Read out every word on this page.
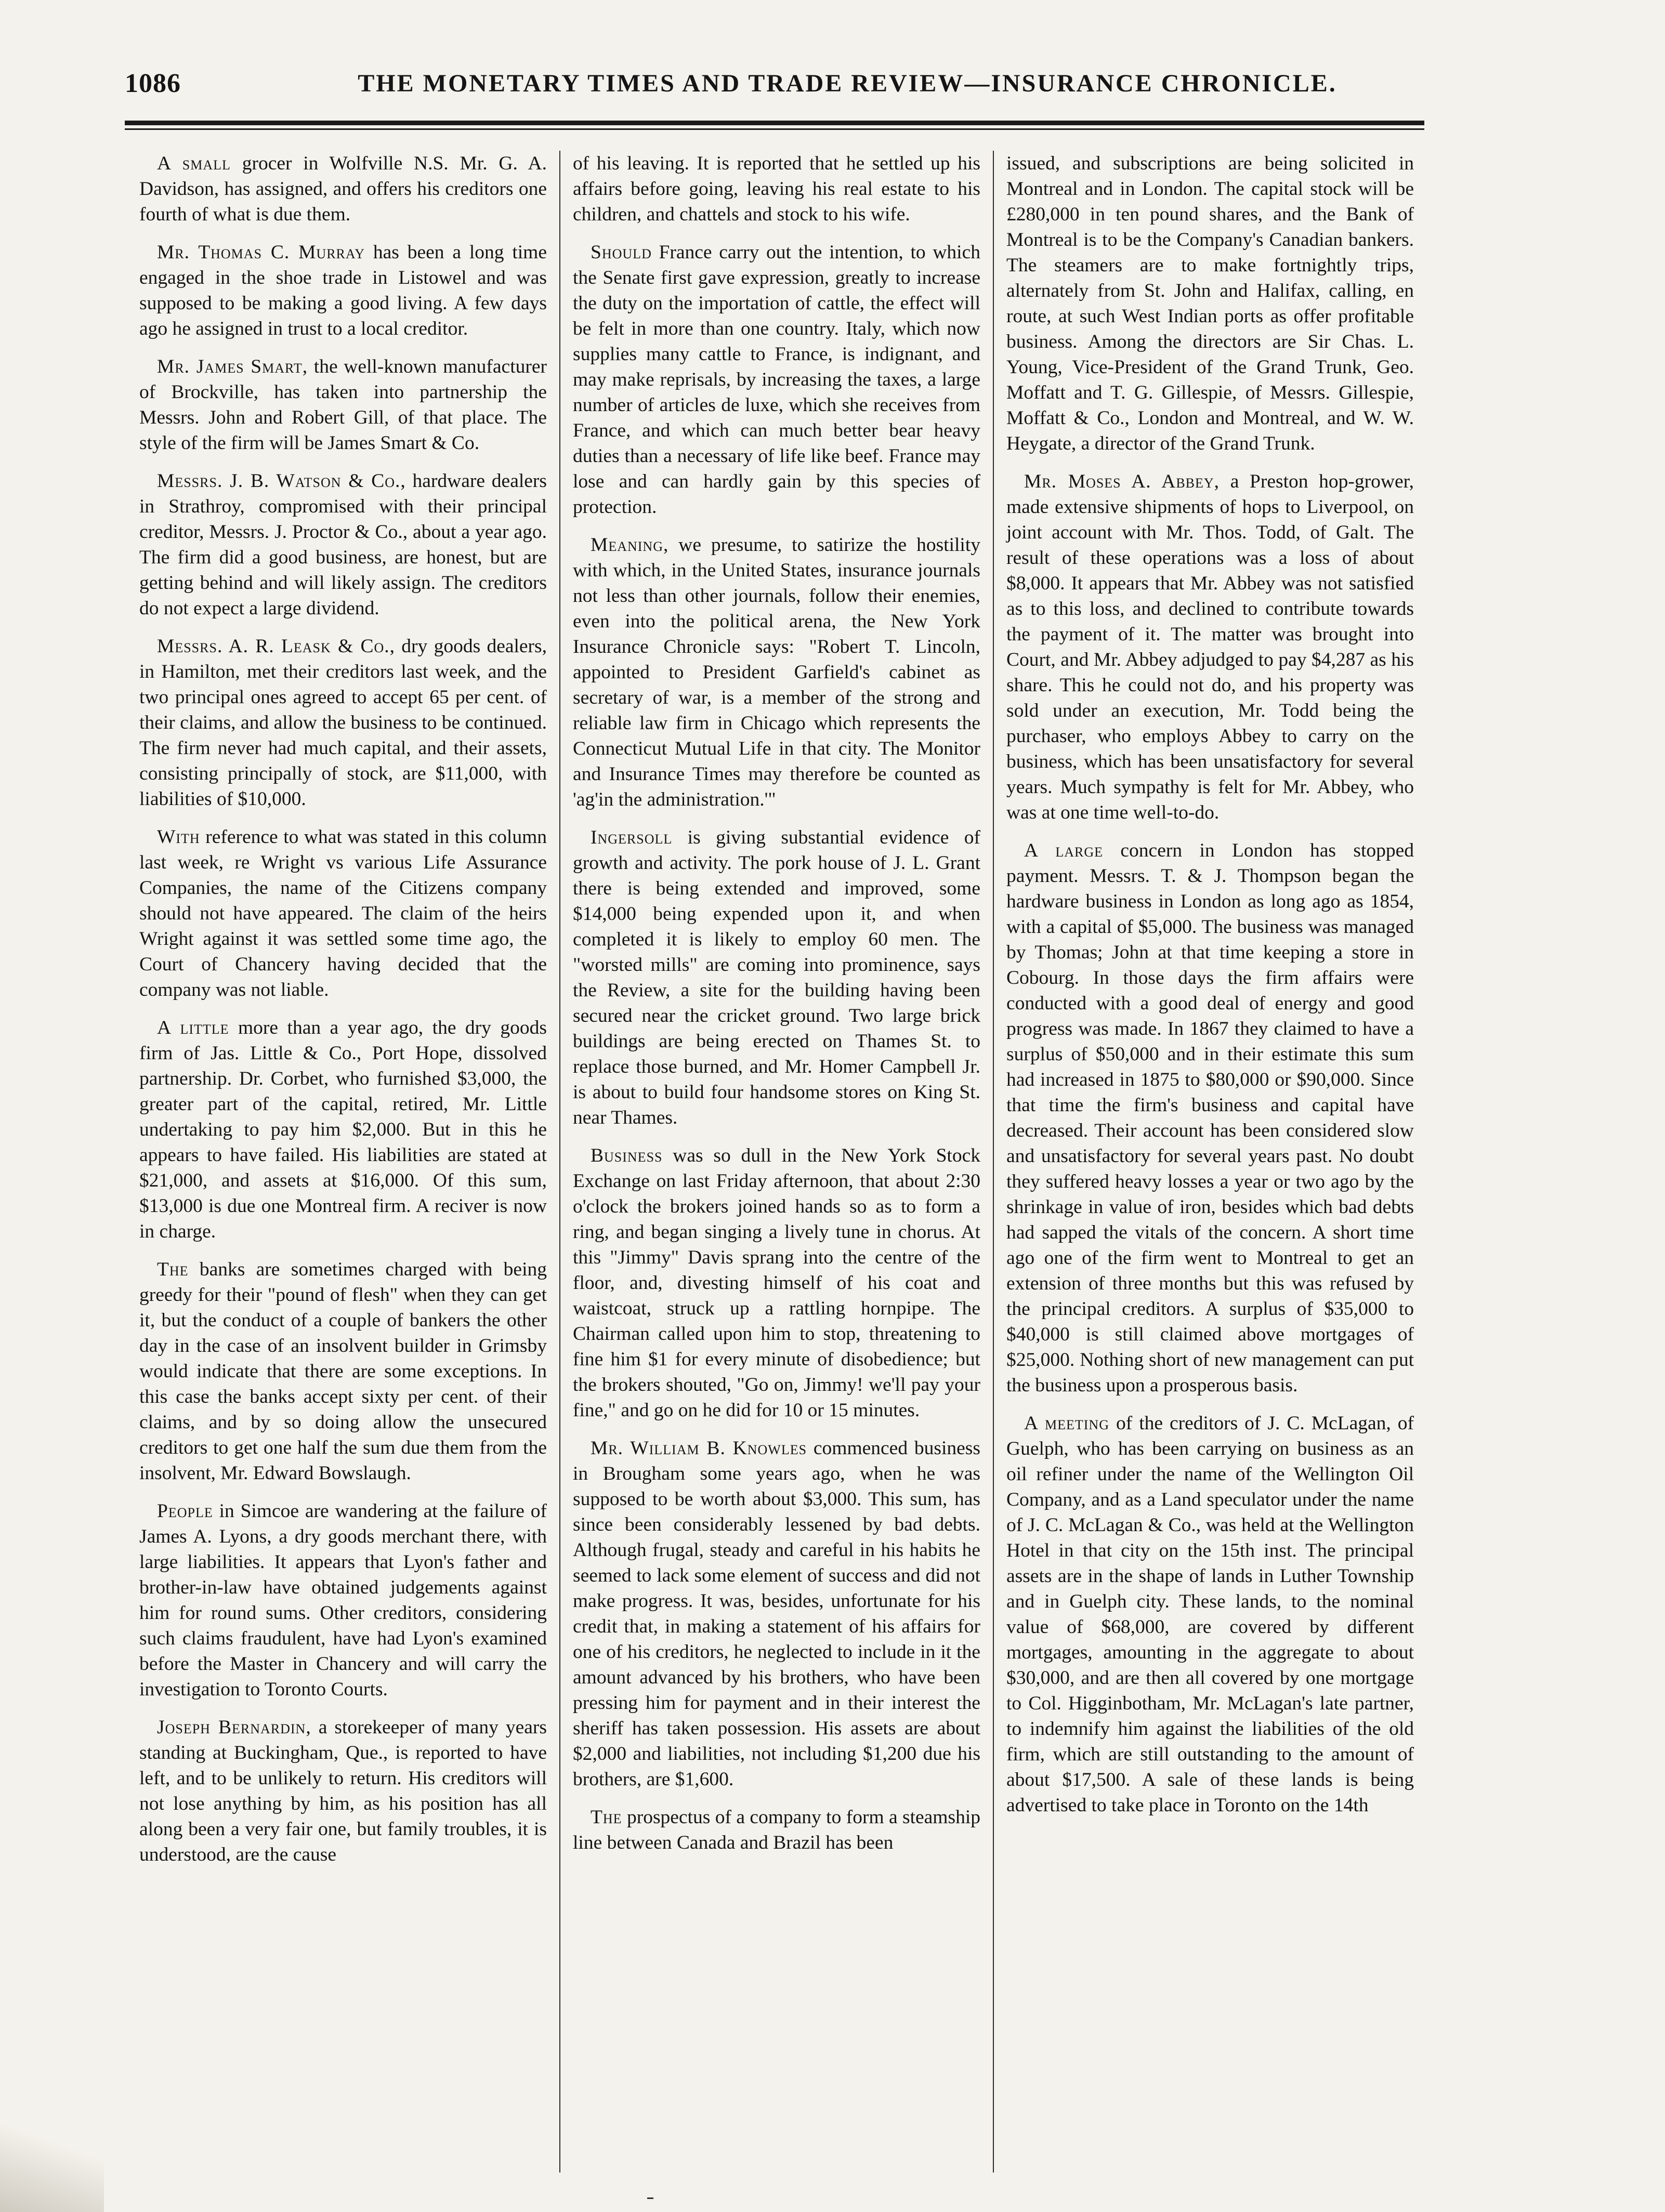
1086	THE MONETARY TIMES AND TRADE REVIEW—INSURANCE CHRONICLE.

A small grocer in Wolfville N.S. Mr. G. A. Davidson, has assigned, and offers his creditors one fourth of what is due them.

Mr. Thomas C. Murray has been a long time engaged in the shoe trade in Listowel and was supposed to be making a good living. A few days ago he assigned in trust to a local creditor.

Mr. James Smart, the well-known manufacturer of Brockville, has taken into partnership the Messrs. John and Robert Gill, of that place. The style of the firm will be James Smart & Co.

Messrs. J. B. Watson & Co., hardware dealers in Strathroy, compromised with their principal creditor, Messrs. J. Proctor & Co., about a year ago. The firm did a good business, are honest, but are getting behind and will likely assign. The creditors do not expect a large dividend.

Messrs. A. R. Leask & Co., dry goods dealers, in Hamilton, met their creditors last week, and the two principal ones agreed to accept 65 per cent. of their claims, and allow the business to be continued. The firm never had much capital, and their assets, consisting principally of stock, are $11,000, with liabilities of $10,000.

With reference to what was stated in this column last week, re Wright vs various Life Assurance Companies, the name of the Citizens company should not have appeared. The claim of the heirs Wright against it was settled some time ago, the Court of Chancery having decided that the company was not liable.

A little more than a year ago, the dry goods firm of Jas. Little & Co., Port Hope, dissolved partnership. Dr. Corbet, who furnished $3,000, the greater part of the capital, retired, Mr. Little undertaking to pay him $2,000. But in this he appears to have failed. His liabilities are stated at $21,000, and assets at $16,000. Of this sum, $13,000 is due one Montreal firm. A reciver is now in charge.

The banks are sometimes charged with being greedy for their "pound of flesh" when they can get it, but the conduct of a couple of bankers the other day in the case of an insolvent builder in Grimsby would indicate that there are some exceptions. In this case the banks accept sixty per cent. of their claims, and by so doing allow the unsecured creditors to get one half the sum due them from the insolvent, Mr. Edward Bowslaugh.

People in Simcoe are wandering at the failure of James A. Lyons, a dry goods merchant there, with large liabilities. It appears that Lyon's father and brother-in-law have obtained judgements against him for round sums. Other creditors, considering such claims fraudulent, have had Lyon's examined before the Master in Chancery and will carry the investigation to Toronto Courts.

Joseph Bernardin, a storekeeper of many years standing at Buckingham, Que., is reported to have left, and to be unlikely to return. His creditors will not lose anything by him, as his position has all along been a very fair one, but family troubles, it is understood, are the cause

of his leaving. It is reported that he settled up his affairs before going, leaving his real estate to his children, and chattels and stock to his wife.

Should France carry out the intention, to which the Senate first gave expression, greatly to increase the duty on the importation of cattle, the effect will be felt in more than one country. Italy, which now supplies many cattle to France, is indignant, and may make reprisals, by increasing the taxes, a large number of articles de luxe, which she receives from France, and which can much better bear heavy duties than a necessary of life like beef. France may lose and can hardly gain by this species of protection.

Meaning, we presume, to satirize the hostility with which, in the United States, insurance journals not less than other journals, follow their enemies, even into the political arena, the New York Insurance Chronicle says: "Robert T. Lincoln, appointed to President Garfield's cabinet as secretary of war, is a member of the strong and reliable law firm in Chicago which represents the Connecticut Mutual Life in that city. The Monitor and Insurance Times may therefore be counted as 'ag'in the administration.'"

Ingersoll is giving substantial evidence of growth and activity. The pork house of J. L. Grant there is being extended and improved, some $14,000 being expended upon it, and when completed it is likely to employ 60 men. The "worsted mills" are coming into prominence, says the Review, a site for the building having been secured near the cricket ground. Two large brick buildings are being erected on Thames St. to replace those burned, and Mr. Homer Campbell Jr. is about to build four handsome stores on King St. near Thames.

Business was so dull in the New York Stock Exchange on last Friday afternoon, that about 2:30 o'clock the brokers joined hands so as to form a ring, and began singing a lively tune in chorus. At this "Jimmy" Davis sprang into the centre of the floor, and, divesting himself of his coat and waistcoat, struck up a rattling hornpipe. The Chairman called upon him to stop, threatening to fine him $1 for every minute of disobedience; but the brokers shouted, "Go on, Jimmy! we'll pay your fine," and go on he did for 10 or 15 minutes.

Mr. William B. Knowles commenced business in Brougham some years ago, when he was supposed to be worth about $3,000. This sum, has since been considerably lessened by bad debts. Although frugal, steady and careful in his habits he seemed to lack some element of success and did not make progress. It was, besides, unfortunate for his credit that, in making a statement of his affairs for one of his creditors, he neglected to include in it the amount advanced by his brothers, who have been pressing him for payment and in their interest the sheriff has taken possession. His assets are about $2,000 and liabilities, not including $1,200 due his brothers, are $1,600.

The prospectus of a company to form a steamship line between Canada and Brazil has been

issued, and subscriptions are being solicited in Montreal and in London. The capital stock will be £280,000 in ten pound shares, and the Bank of Montreal is to be the Company's Canadian bankers. The steamers are to make fortnightly trips, alternately from St. John and Halifax, calling, en route, at such West Indian ports as offer profitable business. Among the directors are Sir Chas. L. Young, Vice-President of the Grand Trunk, Geo. Moffatt and T. G. Gillespie, of Messrs. Gillespie, Moffatt & Co., London and Montreal, and W. W. Heygate, a director of the Grand Trunk.

Mr. Moses A. Abbey, a Preston hop-grower, made extensive shipments of hops to Liverpool, on joint account with Mr. Thos. Todd, of Galt. The result of these operations was a loss of about $8,000. It appears that Mr. Abbey was not satisfied as to this loss, and declined to contribute towards the payment of it. The matter was brought into Court, and Mr. Abbey adjudged to pay $4,287 as his share. This he could not do, and his property was sold under an execution, Mr. Todd being the purchaser, who employs Abbey to carry on the business, which has been unsatisfactory for several years. Much sympathy is felt for Mr. Abbey, who was at one time well-to-do.

A large concern in London has stopped payment. Messrs. T. & J. Thompson began the hardware business in London as long ago as 1854, with a capital of $5,000. The business was managed by Thomas; John at that time keeping a store in Cobourg. In those days the firm affairs were conducted with a good deal of energy and good progress was made. In 1867 they claimed to have a surplus of $50,000 and in their estimate this sum had increased in 1875 to $80,000 or $90,000. Since that time the firm's business and capital have decreased. Their account has been considered slow and unsatisfactory for several years past. No doubt they suffered heavy losses a year or two ago by the shrinkage in value of iron, besides which bad debts had sapped the vitals of the concern. A short time ago one of the firm went to Montreal to get an extension of three months but this was refused by the principal creditors. A surplus of $35,000 to $40,000 is still claimed above mortgages of $25,000. Nothing short of new management can put the business upon a prosperous basis.

A meeting of the creditors of J. C. McLagan, of Guelph, who has been carrying on business as an oil refiner under the name of the Wellington Oil Company, and as a Land speculator under the name of J. C. McLagan & Co., was held at the Wellington Hotel in that city on the 15th inst. The principal assets are in the shape of lands in Luther Township and in Guelph city. These lands, to the nominal value of $68,000, are covered by different mortgages, amounting in the aggregate to about $30,000, and are then all covered by one mortgage to Col. Higginbotham, Mr. McLagan's late partner, to indemnify him against the liabilities of the old firm, which are still outstanding to the amount of about $17,500. A sale of these lands is being advertised to take place in Toronto on the 14th
